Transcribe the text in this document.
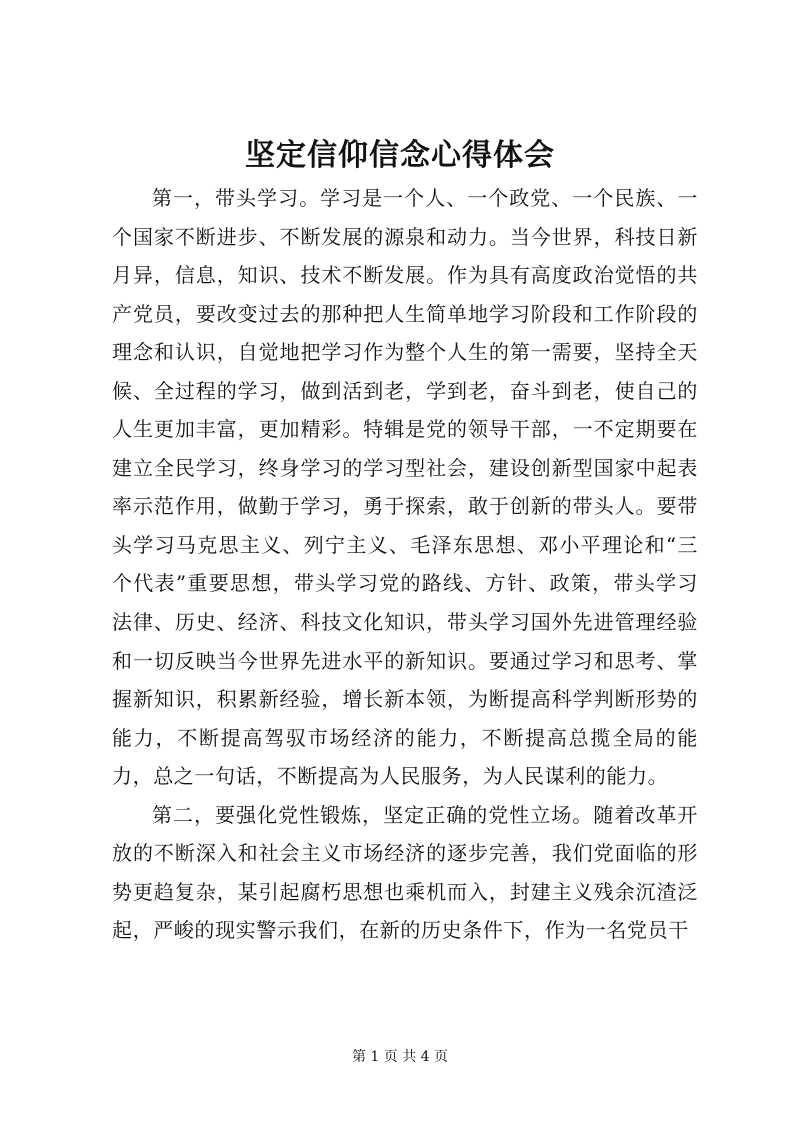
坚定信仰信念心得体会

第一，带头学习。学习是一个人、一个政党、一个民族、一个国家不断进步、不断发展的源泉和动力。当今世界，科技日新月异，信息，知识、技术不断发展。作为具有高度政治觉悟的共产党员，要改变过去的那种把人生简单地学习阶段和工作阶段的理念和认识，自觉地把学习作为整个人生的第一需要，坚持全天候、全过程的学习，做到活到老，学到老，奋斗到老，使自己的人生更加丰富，更加精彩。特辑是党的领导干部，一不定期要在建立全民学习，终身学习的学习型社会，建设创新型国家中起表率示范作用，做勤于学习，勇于探索，敢于创新的带头人。要带头学习马克思主义、列宁主义、毛泽东思想、邓小平理论和“三个代表”重要思想，带头学习党的路线、方针、政策，带头学习法律、历史、经济、科技文化知识，带头学习国外先进管理经验和一切反映当今世界先进水平的新知识。要通过学习和思考、掌握新知识，积累新经验，增长新本领，为断提高科学判断形势的能力，不断提高驾驭市场经济的能力，不断提高总揽全局的能力，总之一句话，不断提高为人民服务，为人民谋利的能力。

第二，要强化党性锻炼，坚定正确的党性立场。随着改革开放的不断深入和社会主义市场经济的逐步完善，我们党面临的形势更趋复杂，某引起腐朽思想也乘机而入，封建主义残余沉渣泛起，严峻的现实警示我们，在新的历史条件下，作为一名党员干

第 1 页 共 4 页
